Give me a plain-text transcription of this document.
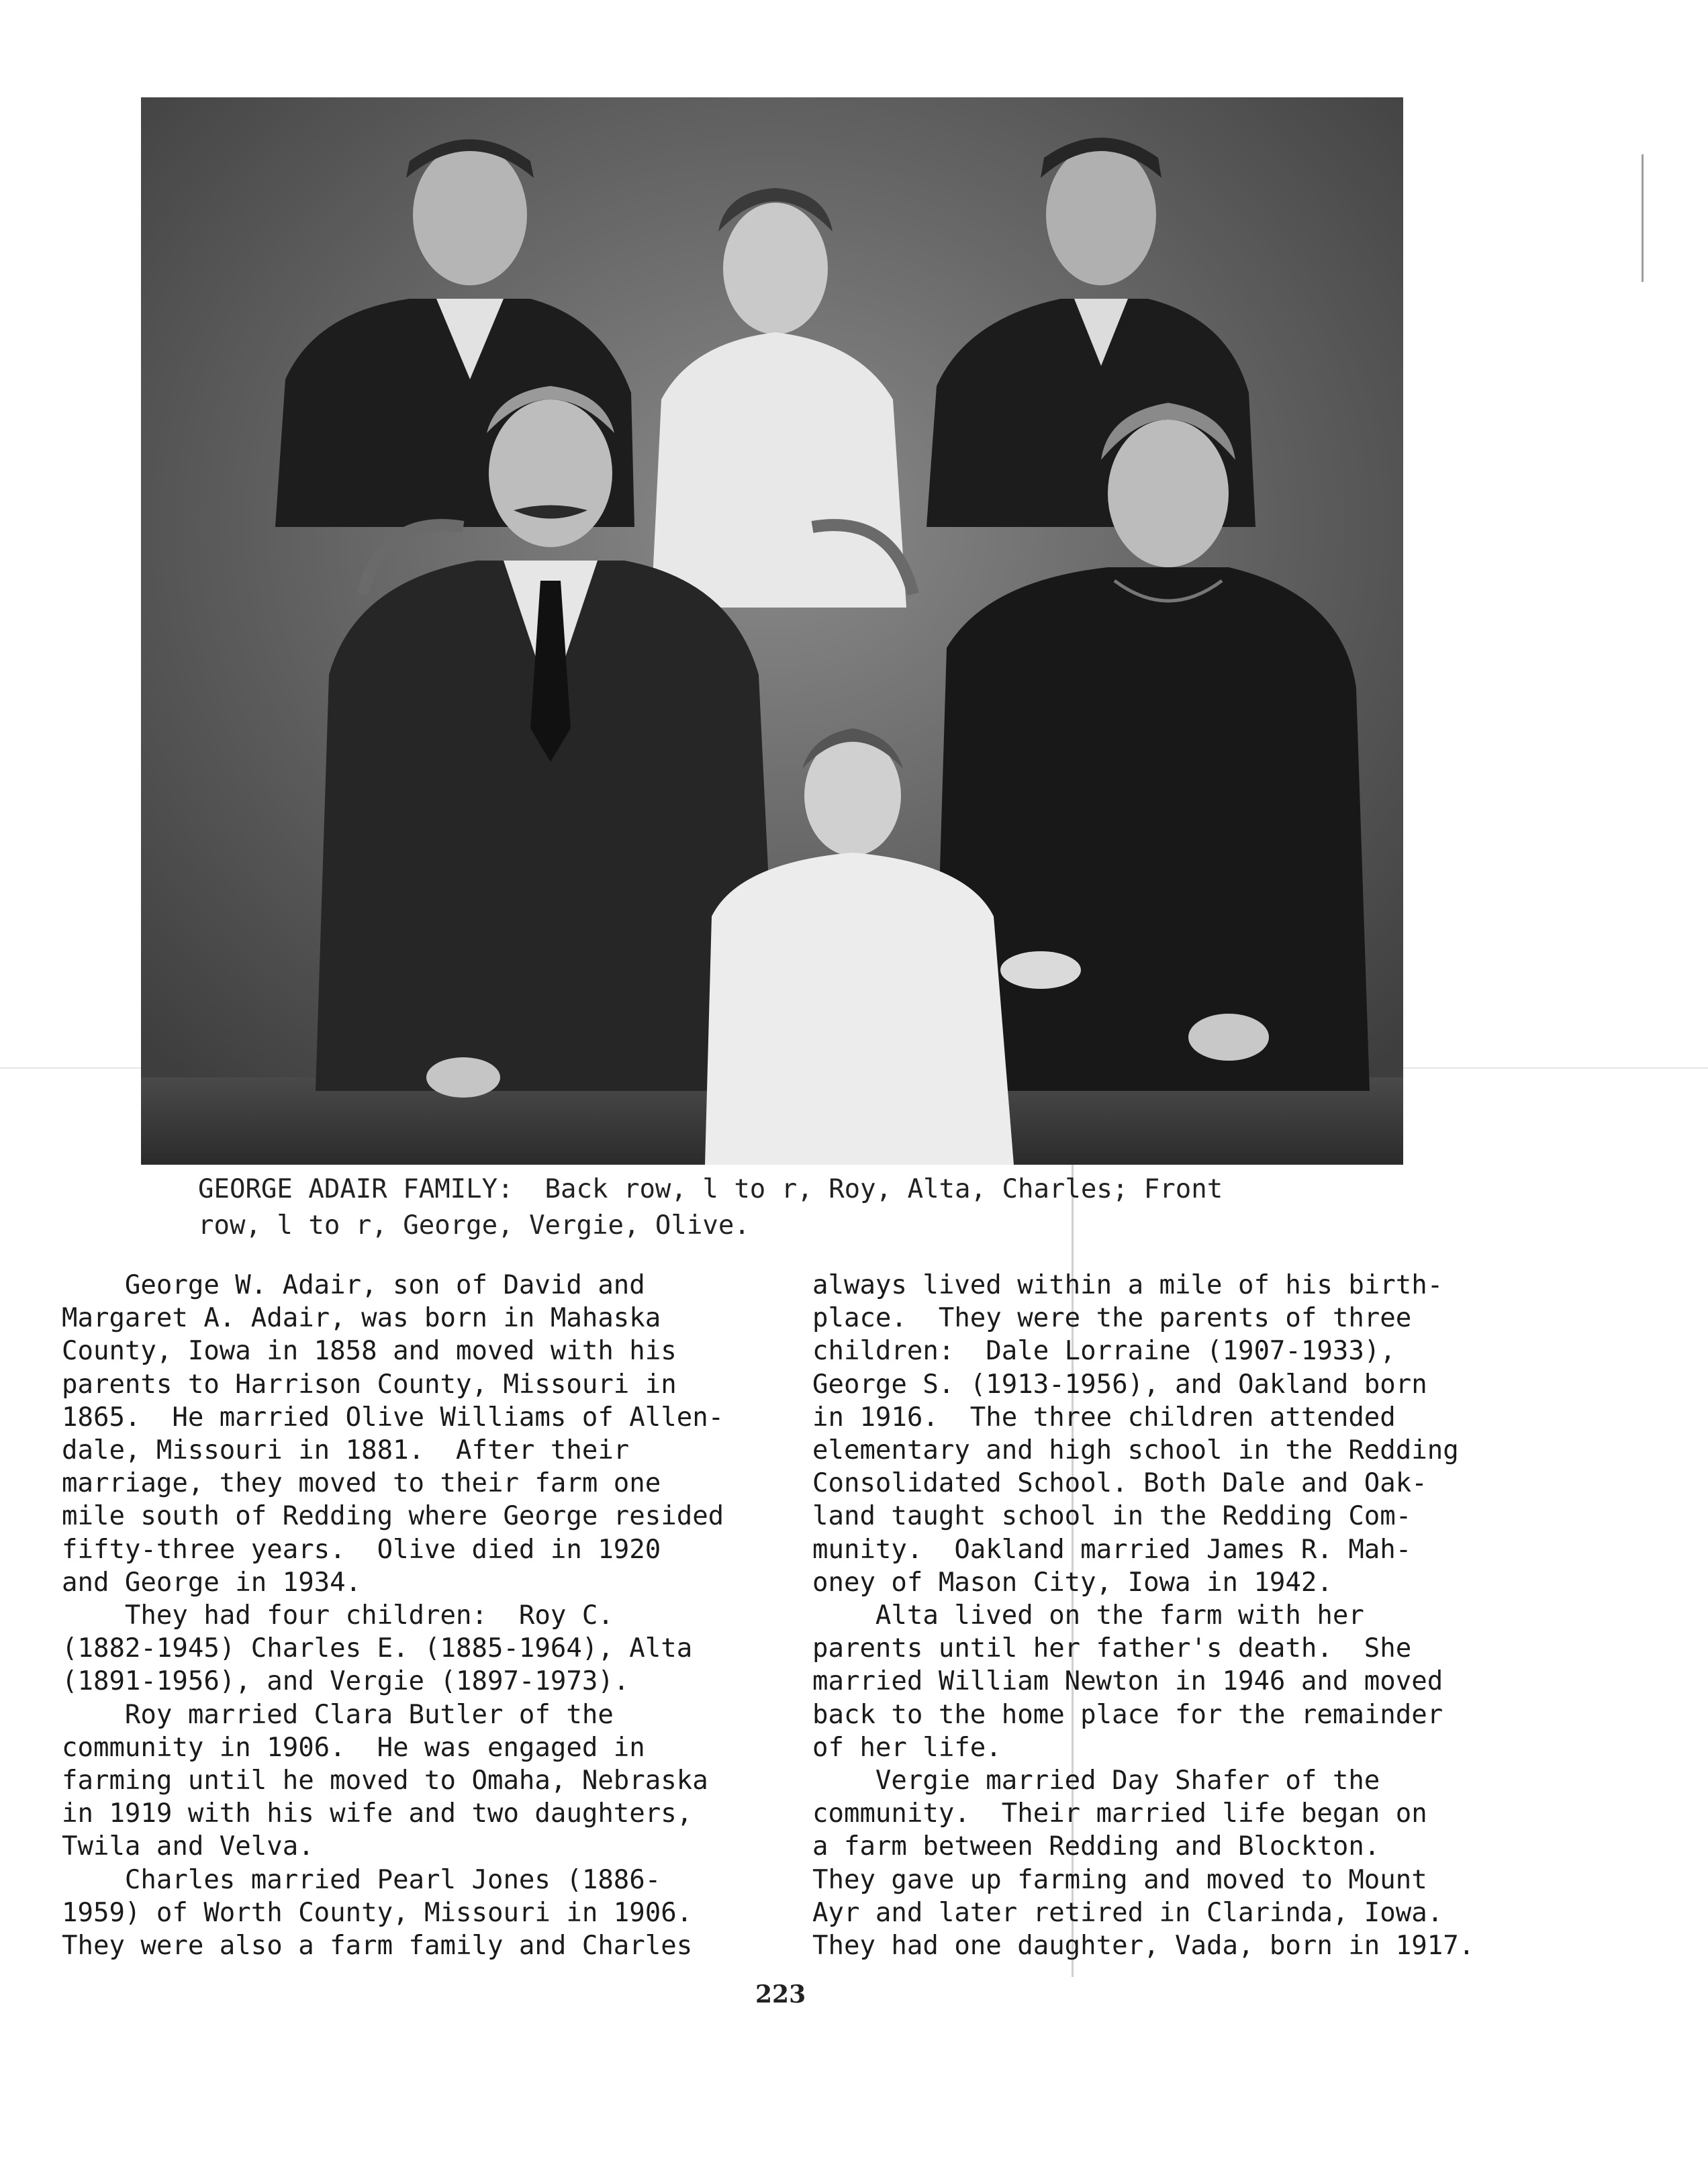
GEORGE ADAIR FAMILY:  Back row, l to r, Roy, Alta, Charles; Front
row, l to r, George, Vergie, Olive.
George W. Adair, son of David and
Margaret A. Adair, was born in Mahaska
County, Iowa in 1858 and moved with his
parents to Harrison County, Missouri in
1865.  He married Olive Williams of Allen-
dale, Missouri in 1881.  After their
marriage, they moved to their farm one
mile south of Redding where George resided
fifty-three years.  Olive died in 1920
and George in 1934.
They had four children:  Roy C.
(1882-1945) Charles E. (1885-1964), Alta
(1891-1956), and Vergie (1897-1973).
Roy married Clara Butler of the
community in 1906.  He was engaged in
farming until he moved to Omaha, Nebraska
in 1919 with his wife and two daughters,
Twila and Velva.
Charles married Pearl Jones (1886-
1959) of Worth County, Missouri in 1906.
They were also a farm family and Charles
always lived within a mile of his birth-
place.  They were the parents of three
children:  Dale Lorraine (1907-1933),
George S. (1913-1956), and Oakland born
in 1916.  The three children attended
elementary and high school in the Redding
Consolidated School. Both Dale and Oak-
land taught school in the Redding Com-
munity.  Oakland married James R. Mah-
oney of Mason City, Iowa in 1942.
Alta lived on the farm with her
parents until her father's death.  She
married William Newton in 1946 and moved
back to the home place for the remainder
of her life.
Vergie married Day Shafer of the
community.  Their married life began on
a farm between Redding and Blockton.
They gave up farming and moved to Mount
Ayr and later retired in Clarinda, Iowa.
They had one daughter, Vada, born in 1917.
223
